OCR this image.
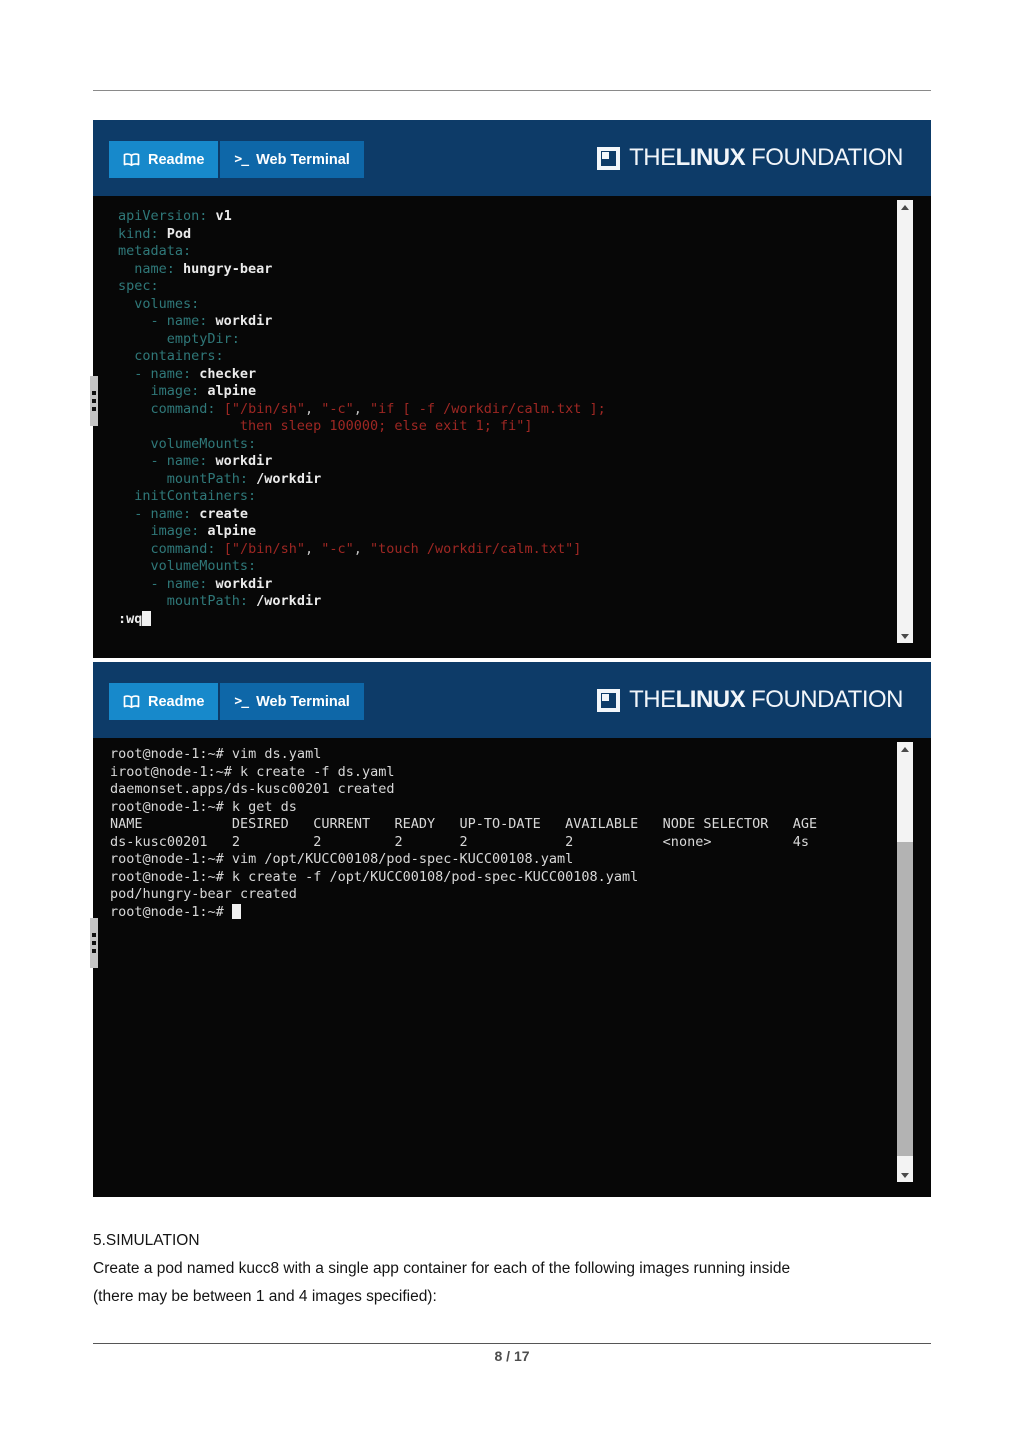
Readme >_ Web Terminal	THE LINUX FOUNDATION
apiVersion: v1
kind: Pod
metadata:
name: hungry-bear
spec:
volumes:
- name: workdir
emptyDir:
containers:
- name: checker
image: alpine
command: ["/bin/sh", "-c", "if [ -f /workdir/calm.txt ];
then sleep 100000; else exit 1; fi"]
volumeMounts:
- name: workdir
mountPath: /workdir
initContainers:
- name: create
image: alpine
command: ["/bin/sh", "-c", "touch /workdir/calm.txt"]
volumeMounts:
- name: workdir
mountPath: /workdir
:wq
Readme >_ Web Terminal	THE LINUX FOUNDATION
root@node-1:~# vim ds.yaml
iroot@node-1:~# k create -f ds.yaml
daemonset.apps/ds-kusc00201 created
root@node-1:~# k get ds
NAME           DESIRED   CURRENT   READY   UP-TO-DATE   AVAILABLE   NODE SELECTOR   AGE
ds-kusc00201   2         2         2       2            2           <none>          4s
root@node-1:~# vim /opt/KUCC00108/pod-spec-KUCC00108.yaml
root@node-1:~# k create -f /opt/KUCC00108/pod-spec-KUCC00108.yaml
pod/hungry-bear created
root@node-1:~#
5.SIMULATION
Create a pod named kucc8 with a single app container for each of the following images running inside
(there may be between 1 and 4 images specified):
8 / 17
